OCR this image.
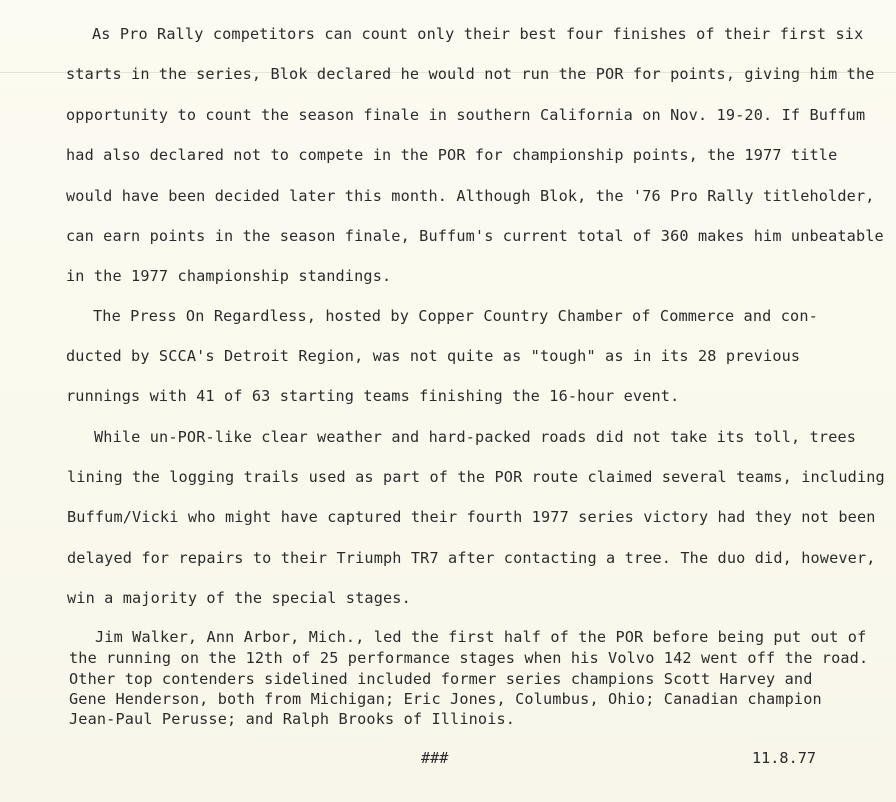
As Pro Rally competitors can count only their best four finishes of their first six
starts in the series, Blok declared he would not run the POR for points, giving him the
opportunity to count the season finale in southern California on Nov. 19-20. If Buffum
had also declared not to compete in the POR for championship points, the 1977 title
would have been decided later this month. Although Blok, the '76 Pro Rally titleholder,
can earn points in the season finale, Buffum's current total of 360 makes him unbeatable
in the 1977 championship standings.
The Press On Regardless, hosted by Copper Country Chamber of Commerce and con-
ducted by SCCA's Detroit Region, was not quite as "tough" as in its 28 previous
runnings with 41 of 63 starting teams finishing the 16-hour event.
While un-POR-like clear weather and hard-packed roads did not take its toll, trees
lining the logging trails used as part of the POR route claimed several teams, including
Buffum/Vicki who might have captured their fourth 1977 series victory had they not been
delayed for repairs to their Triumph TR7 after contacting a tree. The duo did, however,
win a majority of the special stages.
Jim Walker, Ann Arbor, Mich., led the first half of the POR before being put out of
the running on the 12th of 25 performance stages when his Volvo 142 went off the road.
Other top contenders sidelined included former series champions Scott Harvey and
Gene Henderson, both from Michigan; Eric Jones, Columbus, Ohio; Canadian champion
Jean-Paul Perusse; and Ralph Brooks of Illinois.
###	11.8.77
